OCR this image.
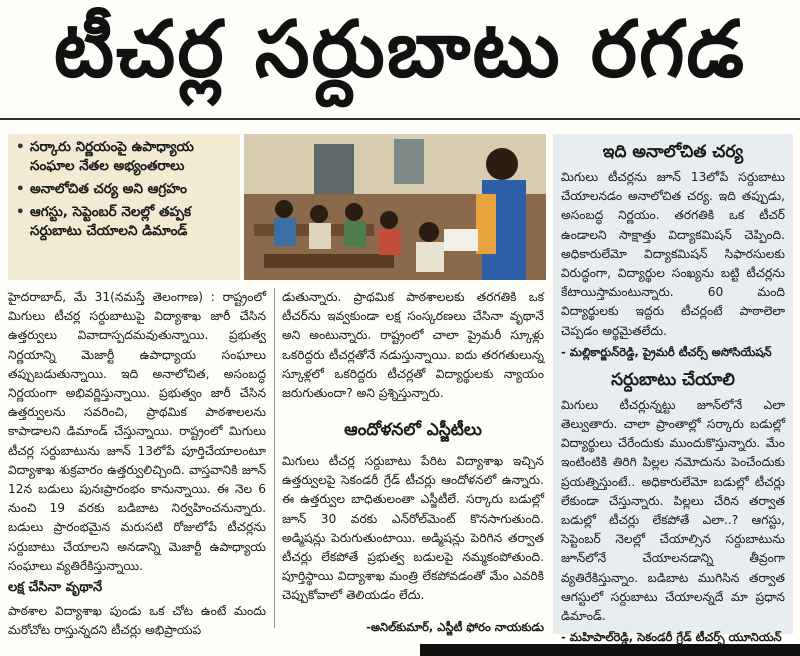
టీచర్ల సర్దుబాటు రగడ
• సర్కారు నిర్ణయంపై ఉపాధ్యాయ సంఘాల నేతల అభ్యంతరాలు
• అనాలోచిత చర్య అని ఆగ్రహం
• ఆగస్టు, సెప్టెంబర్ నెలల్లో తప్పక సర్దుబాటు చేయాలని డిమాండ్

హైదరాబాద్, మే 31(నమస్తే తెలంగాణ) : రాష్ట్రంలో మిగులు టీచర్ల సర్దుబాటుపై విద్యాశాఖ జారీ చేసిన ఉత్తర్వులు వివాదాస్పదమవుతున్నాయి. ప్రభుత్వ నిర్ణయాన్ని మెజార్టీ ఉపాధ్యాయ సంఘాలు తప్పుబడుతున్నాయి. ఇది అనాలోచిత, అసంబద్ధ నిర్ణయంగా అభివర్ణిస్తున్నాయి. ప్రభుత్వం జారీ చేసిన ఉత్తర్వులను సవరించి, ప్రాథమిక పాఠశాలలను కాపాడాలని డిమాండ్ చేస్తున్నాయి. రాష్ట్రంలో మిగులు టీచర్ల సర్దుబాటును జూన్ 13లోపే పూర్తిచేయాలంటూ విద్యాశాఖ శుక్రవారం ఉత్తర్వులిచ్చింది. వాస్తవానికి జూన్ 12న బడులు పునఃప్రారంభం కానున్నాయి. ఈ నెల 6 నుంచి 19 వరకు బడిబాట నిర్వహించనున్నారు. బడులు ప్రారంభమైన మరుసటి రోజులోపే టీచర్లను సర్దుబాటు చేయాలని అనడాన్ని మెజార్టీ ఉపాధ్యాయ సంఘాలు వ్యతిరేకిస్తున్నాయి.

లక్ష చేసినా వృథానే

పాఠశాల విద్యాశాఖ పుండు ఒక చోట ఉంటే మందు మరోచోట రాస్తున్నదని టీచర్లు అభిప్రాయప

డుతున్నారు. ప్రాథమిక పాఠశాలలకు తరగతికి ఒక టీచర్‌ను ఇవ్వకుండా లక్ష సంస్కరణలు చేసినా వృథానే అని అంటున్నారు. రాష్ట్రంలో చాలా ప్రైమరీ స్కూళ్లు ఒకరిద్దరు టీచర్లతోనే నడుస్తున్నాయి. ఐదు తరగతులున్న స్కూళ్లలో ఒకరిద్దరు టీచర్లతో విద్యార్థులకు న్యాయం జరుగుతుందా? అని ప్రశ్నిస్తున్నారు.

ఆందోళనలో ఎస్జీటీలు

మిగులు టీచర్ల సర్దుబాటు పేరిట విద్యాశాఖ ఇచ్చిన ఉత్తర్వులపై సెకండరీ గ్రేడ్ టీచర్లు ఆందోళనలో ఉన్నారు. ఈ ఉత్తర్వుల బాధితులంతా ఎస్జీటీలే. సర్కారు బడుల్లో జూన్ 30 వరకు ఎన్‌రోల్‌మెంట్ కొనసాగుతుంది. అడ్మిషన్లు పెరుగుతుంటాయి. అడ్మిషన్లు పెరిగిన తర్వాత టీచర్లు లేకపోతే ప్రభుత్వ బడులపై నమ్మకంపోతుంది. పూర్తిస్థాయి విద్యాశాఖ మంత్రి లేకపోవడంతో మేం ఎవరికి చెప్పుకోవాలో తెలియడం లేదు.

-అనిల్‌కుమార్, ఎస్జీటీ ఫోరం నాయకుడు
ఇది అనాలోచిత చర్య
మిగులు టీచర్లను జూన్ 13లోపే సర్దుబాటు చేయాలనడం అనాలోచిత చర్య. ఇది తప్పుడు, అసంబద్ధ నిర్ణయం. తరగతికి ఒక టీచర్ ఉండాలని సాక్షాత్తు విద్యాకమిషన్ చెప్పింది. అధికారులేమో విద్యాకమిషన్ సిఫారసులకు విరుద్ధంగా, విద్యార్థుల సంఖ్యను బట్టి టీచర్లను కేటాయిస్తామంటున్నారు. 60 మంది విద్యార్థులకు ఇద్దరు టీచర్లంటే పాఠాలెలా చెప్పడం అర్థమైతలేదు.
- మల్లికార్జున్‌రెడ్డి, ప్రైమరీ టీచర్స్ అసోసియేషన్
సర్దుబాటు చేయాలి
మిగులు టీచర్లున్నట్టు జూన్‌లోనే ఎలా తెల్వుతారు. చాలా ప్రాంతాల్లో సర్కారు బడుల్లో విద్యార్థులు చేరేందుకు ముందుకొస్తున్నారు. మేం ఇంటింటికి తిరిగి పిల్లల నమోదును పెంచేందుకు ప్రయత్నిస్తుంటే.. అధికారులేమో బడుల్లో టీచర్లు లేకుండా చేస్తున్నారు. పిల్లలు చేరిన తర్వాత బడుల్లో టీచర్లు లేకపోతే ఎలా..? ఆగస్టు, సెప్టెంబర్ నెలల్లో చేయాల్సిన సర్దుబాటును జూన్‌లోనే చేయాలనడాన్ని తీవ్రంగా వ్యతిరేకిస్తున్నాం. బడిబాట ముగిసిన తర్వాత ఆగస్టులో సర్దుబాటు చేయాలన్నదే మా ప్రధాన డిమాండ్.
- మహిపాల్‌రెడ్డి, సెకండరీ గ్రేడ్ టీచర్స్ యూనియన్
